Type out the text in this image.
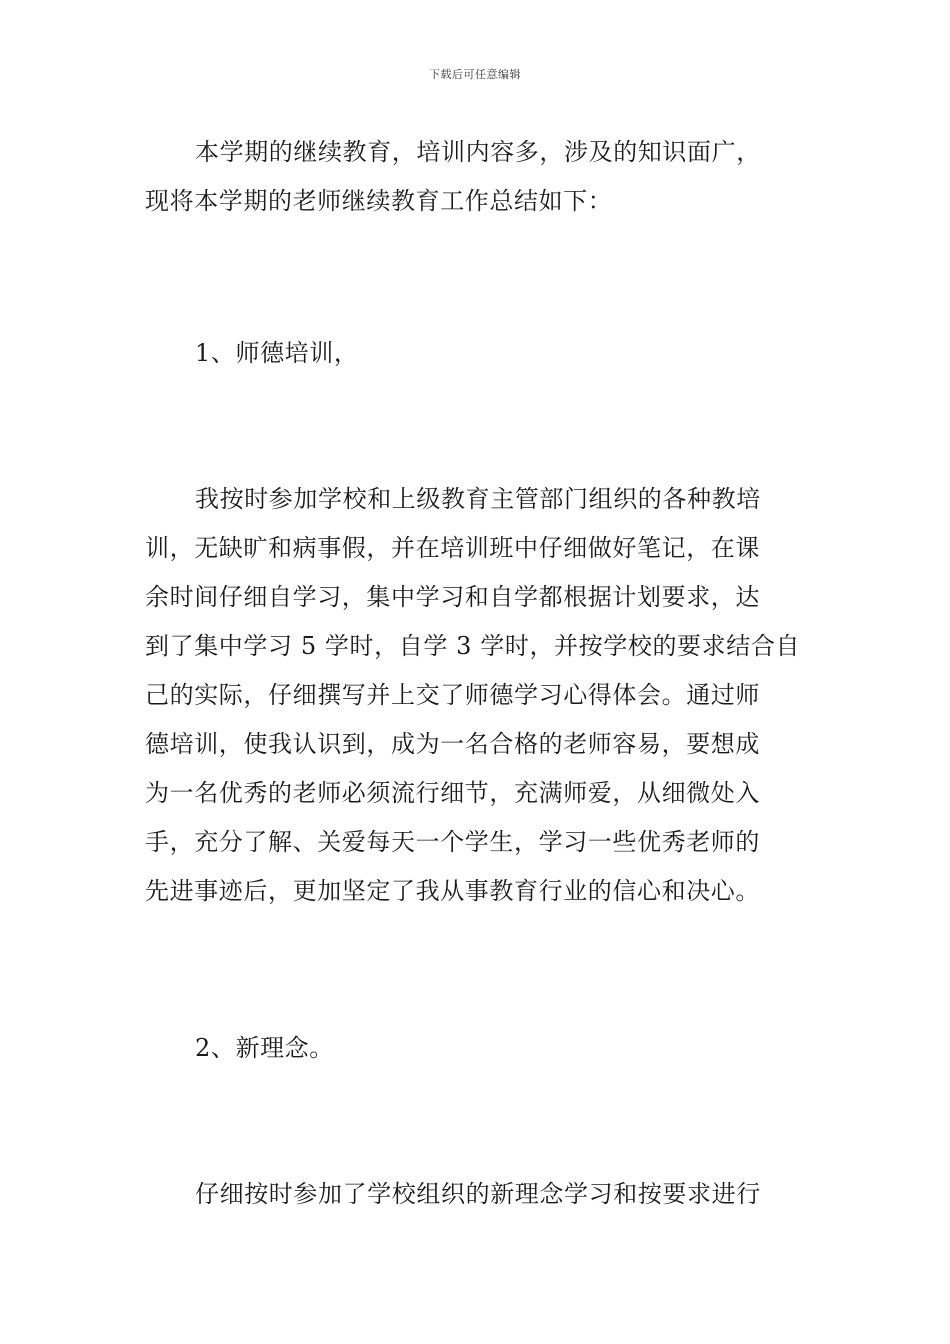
下载后可任意编辑
本学期的继续教育，培训内容多，涉及的知识面广，
现将本学期的老师继续教育工作总结如下：
1、师德培训，
我按时参加学校和上级教育主管部门组织的各种教培
训，无缺旷和病事假，并在培训班中仔细做好笔记，在课
余时间仔细自学习，集中学习和自学都根据计划要求，达
到了集中学习 5 学时，自学 3 学时，并按学校的要求结合自
己的实际，仔细撰写并上交了师德学习心得体会。通过师
德培训，使我认识到，成为一名合格的老师容易，要想成
为一名优秀的老师必须流行细节，充满师爱，从细微处入
手，充分了解、关爱每天一个学生，学习一些优秀老师的
先进事迹后，更加坚定了我从事教育行业的信心和决心。
2、新理念。
仔细按时参加了学校组织的新理念学习和按要求进行
